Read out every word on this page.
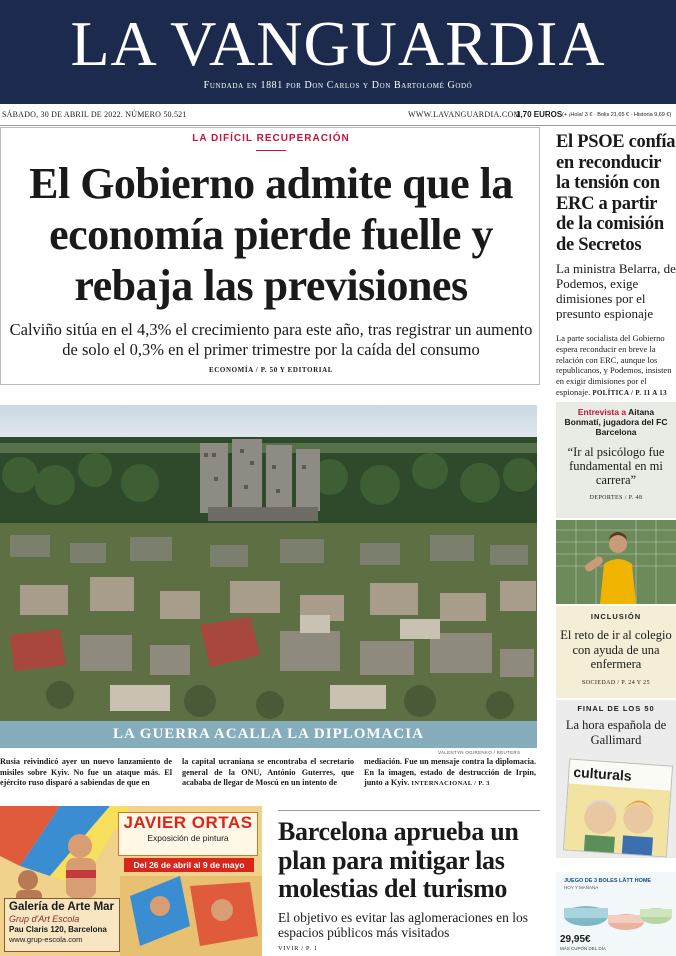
LA VANGUARDIA
Fundada en 1881 por Don Carlos y Don Bartolomé Godó
SÁBADO, 30 DE ABRIL DE 2022. NÚMERO 50.521	WWW.LAVANGUARDIA.COM
1,70 EUROS (+ ¡Hola! 3 € · Bolis 21,65 € · Historia 9,69 €)
LA DIFÍCIL RECUPERACIÓN
El Gobierno admite que la economía pierde fuelle y rebaja las previsiones

Calviño sitúa en el 4,3% el crecimiento para este año, tras registrar un aumento de solo el 0,3% en el primer trimestre por la caída del consumo

ECONOMÍA / P. 50 Y EDITORIAL
El PSOE confía en reconducir la tensión con ERC a partir de la comisión de Secretos

La ministra Belarra, de Podemos, exige dimisiones por el presunto espionaje

La parte socialista del Gobierno espera reconducir en breve la relación con ERC, aunque los republicanos, y Podemos, insisten en exigir dimisiones por el espionaje. POLÍTICA / P. 11 A 13

LA GUERRA ACALLA LA DIPLOMACIA
VALENTYN OGIRENKO / REUTERS

Rusia reivindicó ayer un nuevo lanzamiento de misiles sobre Kyiv. No fue un ataque más. El ejército ruso disparó a sabiendas de que en

la capital ucraniana se encontraba el secretario general de la ONU, António Guterres, que acababa de llegar de Moscú en un intento de

mediación. Fue un mensaje contra la diplomacia. En la imagen, estado de destrucción de Irpín, junto a Kyiv. INTERNACIONAL / P. 3

JAVIER ORTAS
Exposición de pintura
Del 26 de abril al 9 de mayo
Galería de Arte Mar
Grup d'Art Escola
Pau Claris 120, Barcelona
www.grup-escola.com
Barcelona aprueba un plan para mitigar las molestias del turismo

El objetivo es evitar las aglomeraciones en los espacios públicos más visitados

VIVIR / P. 1

Entrevista a Aitana Bonmatí, jugadora del FC Barcelona
“Ir al psicólogo fue fundamental en mi carrera”
DEPORTES / P. 48
INCLUSIÓN
El reto de ir al colegio con ayuda de una enfermera
SOCIEDAD / P. 24 Y 25
FINAL DE LOS 50
La hora española de Gallimard
culturals
JUEGO DE 3 BOLES LÄTT HOME
HOY Y MAÑANA
29,95€
MÁS CUPÓN DEL DÍA
